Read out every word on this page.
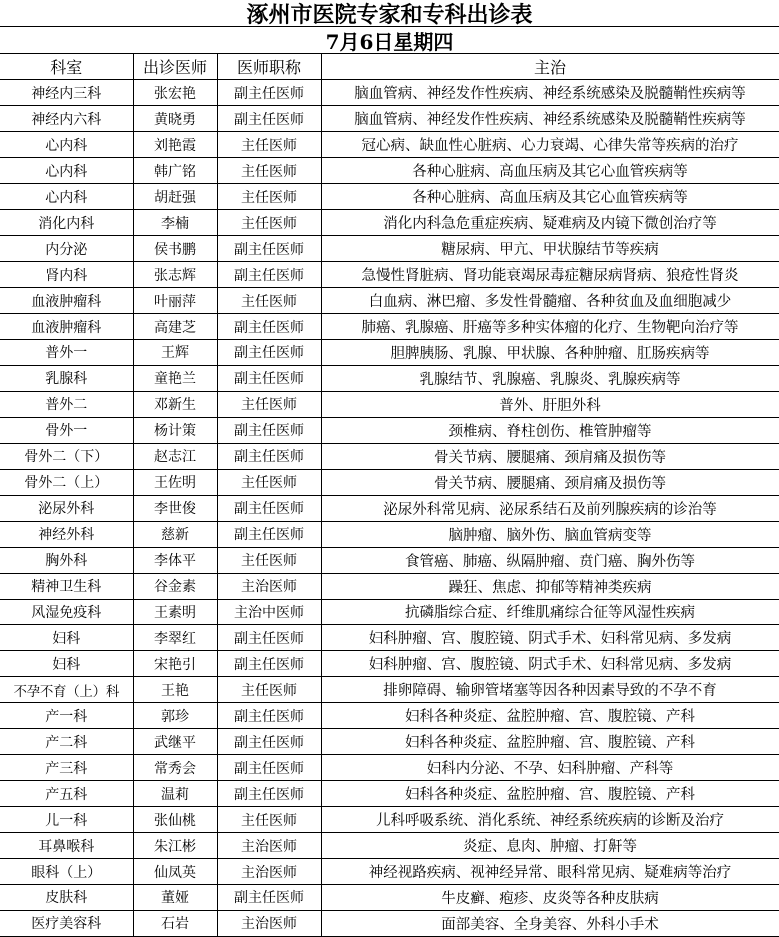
涿州市医院专家和专科出诊表
7月6日星期四
科室	出诊医师	医师职称	主治
神经内三科	张宏艳	副主任医师	脑血管病、神经发作性疾病、神经系统感染及脱髓鞘性疾病等
神经内六科	黄晓勇	副主任医师	脑血管病、神经发作性疾病、神经系统感染及脱髓鞘性疾病等
心内科	刘艳霞	主任医师	冠心病、缺血性心脏病、心力衰竭、心律失常等疾病的治疗
心内科	韩广铭	主任医师	各种心脏病、高血压病及其它心血管疾病等
心内科	胡赶强	主任医师	各种心脏病、高血压病及其它心血管疾病等
消化内科	李楠	主任医师	消化内科急危重症疾病、疑难病及内镜下微创治疗等
内分泌	侯书鹏	副主任医师	糖尿病、甲亢、甲状腺结节等疾病
肾内科	张志辉	副主任医师	急慢性肾脏病、肾功能衰竭尿毒症糖尿病肾病、狼疮性肾炎
血液肿瘤科	叶丽萍	主任医师	白血病、淋巴瘤、多发性骨髓瘤、各种贫血及血细胞减少
血液肿瘤科	高建芝	副主任医师	肺癌、乳腺癌、肝癌等多种实体瘤的化疗、生物靶向治疗等
普外一	王辉	副主任医师	胆脾胰肠、乳腺、甲状腺、各种肿瘤、肛肠疾病等
乳腺科	童艳兰	副主任医师	乳腺结节、乳腺癌、乳腺炎、乳腺疾病等
普外二	邓新生	主任医师	普外、肝胆外科
骨外一	杨计策	副主任医师	颈椎病、脊柱创伤、椎管肿瘤等
骨外二（下）	赵志江	副主任医师	骨关节病、腰腿痛、颈肩痛及损伤等
骨外二（上）	王佐明	主任医师	骨关节病、腰腿痛、颈肩痛及损伤等
泌尿外科	李世俊	副主任医师	泌尿外科常见病、泌尿系结石及前列腺疾病的诊治等
神经外科	慈新	副主任医师	脑肿瘤、脑外伤、脑血管病变等
胸外科	李体平	主任医师	食管癌、肺癌、纵隔肿瘤、贲门癌、胸外伤等
精神卫生科	谷金素	主治医师	躁狂、焦虑、抑郁等精神类疾病
风湿免疫科	王素明	主治中医师	抗磷脂综合症、纤维肌痛综合征等风湿性疾病
妇科	李翠红	副主任医师	妇科肿瘤、宫、腹腔镜、阴式手术、妇科常见病、多发病
妇科	宋艳引	副主任医师	妇科肿瘤、宫、腹腔镜、阴式手术、妇科常见病、多发病
不孕不育（上）科	王艳	主任医师	排卵障碍、输卵管堵塞等因各种因素导致的不孕不育
产一科	郭珍	副主任医师	妇科各种炎症、盆腔肿瘤、宫、腹腔镜、产科
产二科	武继平	副主任医师	妇科各种炎症、盆腔肿瘤、宫、腹腔镜、产科
产三科	常秀会	副主任医师	妇科内分泌、不孕、妇科肿瘤、产科等
产五科	温莉	副主任医师	妇科各种炎症、盆腔肿瘤、宫、腹腔镜、产科
儿一科	张仙桃	主任医师	儿科呼吸系统、消化系统、神经系统疾病的诊断及治疗
耳鼻喉科	朱江彬	主治医师	炎症、息肉、肿瘤、打鼾等
眼科（上）	仙凤英	主治医师	神经视路疾病、视神经异常、眼科常见病、疑难病等治疗
皮肤科	董娅	副主任医师	牛皮癣、疱疹、皮炎等各种皮肤病
医疗美容科	石岩	主治医师	面部美容、全身美容、外科小手术
